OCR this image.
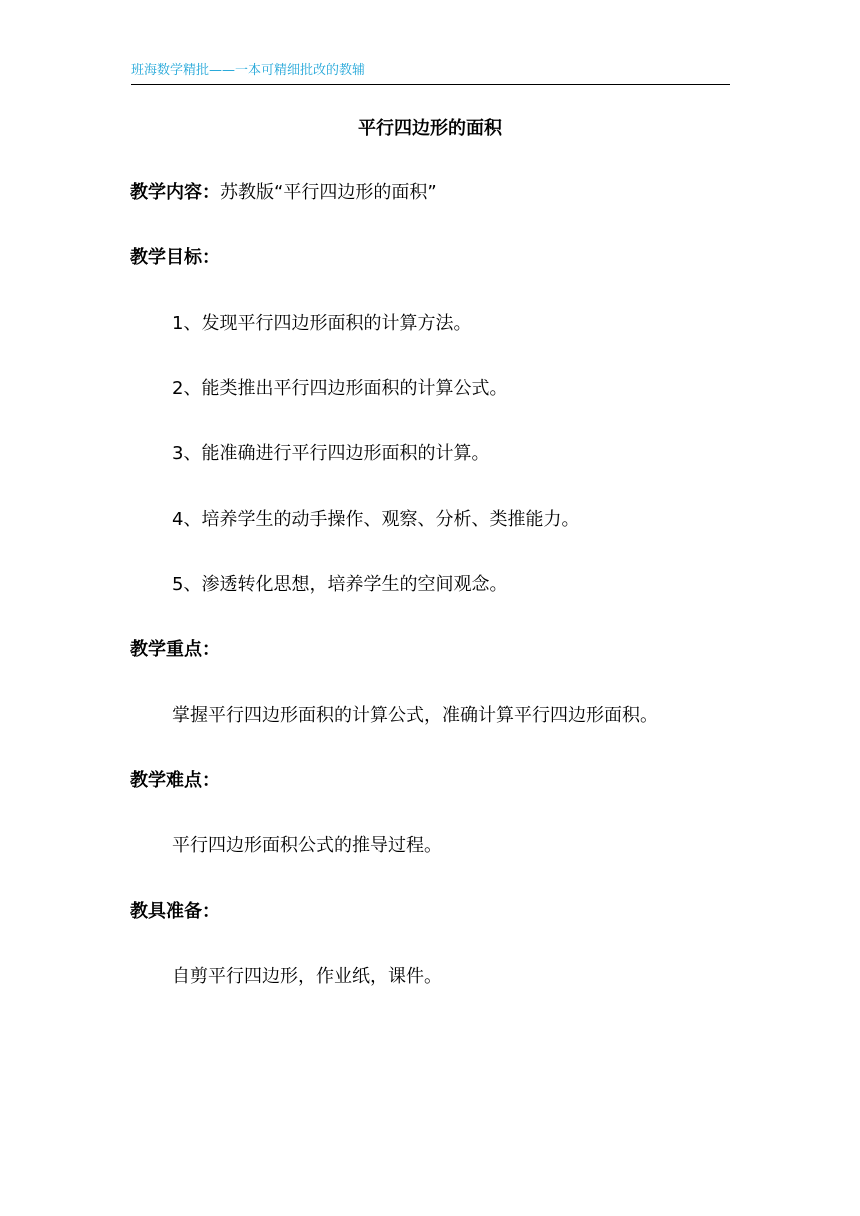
班海数学精批——一本可精细批改的教辅
平行四边形的面积
教学内容：苏教版“平行四边形的面积”
教学目标：
1、发现平行四边形面积的计算方法。
2、能类推出平行四边形面积的计算公式。
3、能准确进行平行四边形面积的计算。
4、培养学生的动手操作、观察、分析、类推能力。
5、渗透转化思想，培养学生的空间观念。
教学重点：
掌握平行四边形面积的计算公式，准确计算平行四边形面积。
教学难点：
平行四边形面积公式的推导过程。
教具准备：
自剪平行四边形，作业纸，课件。
